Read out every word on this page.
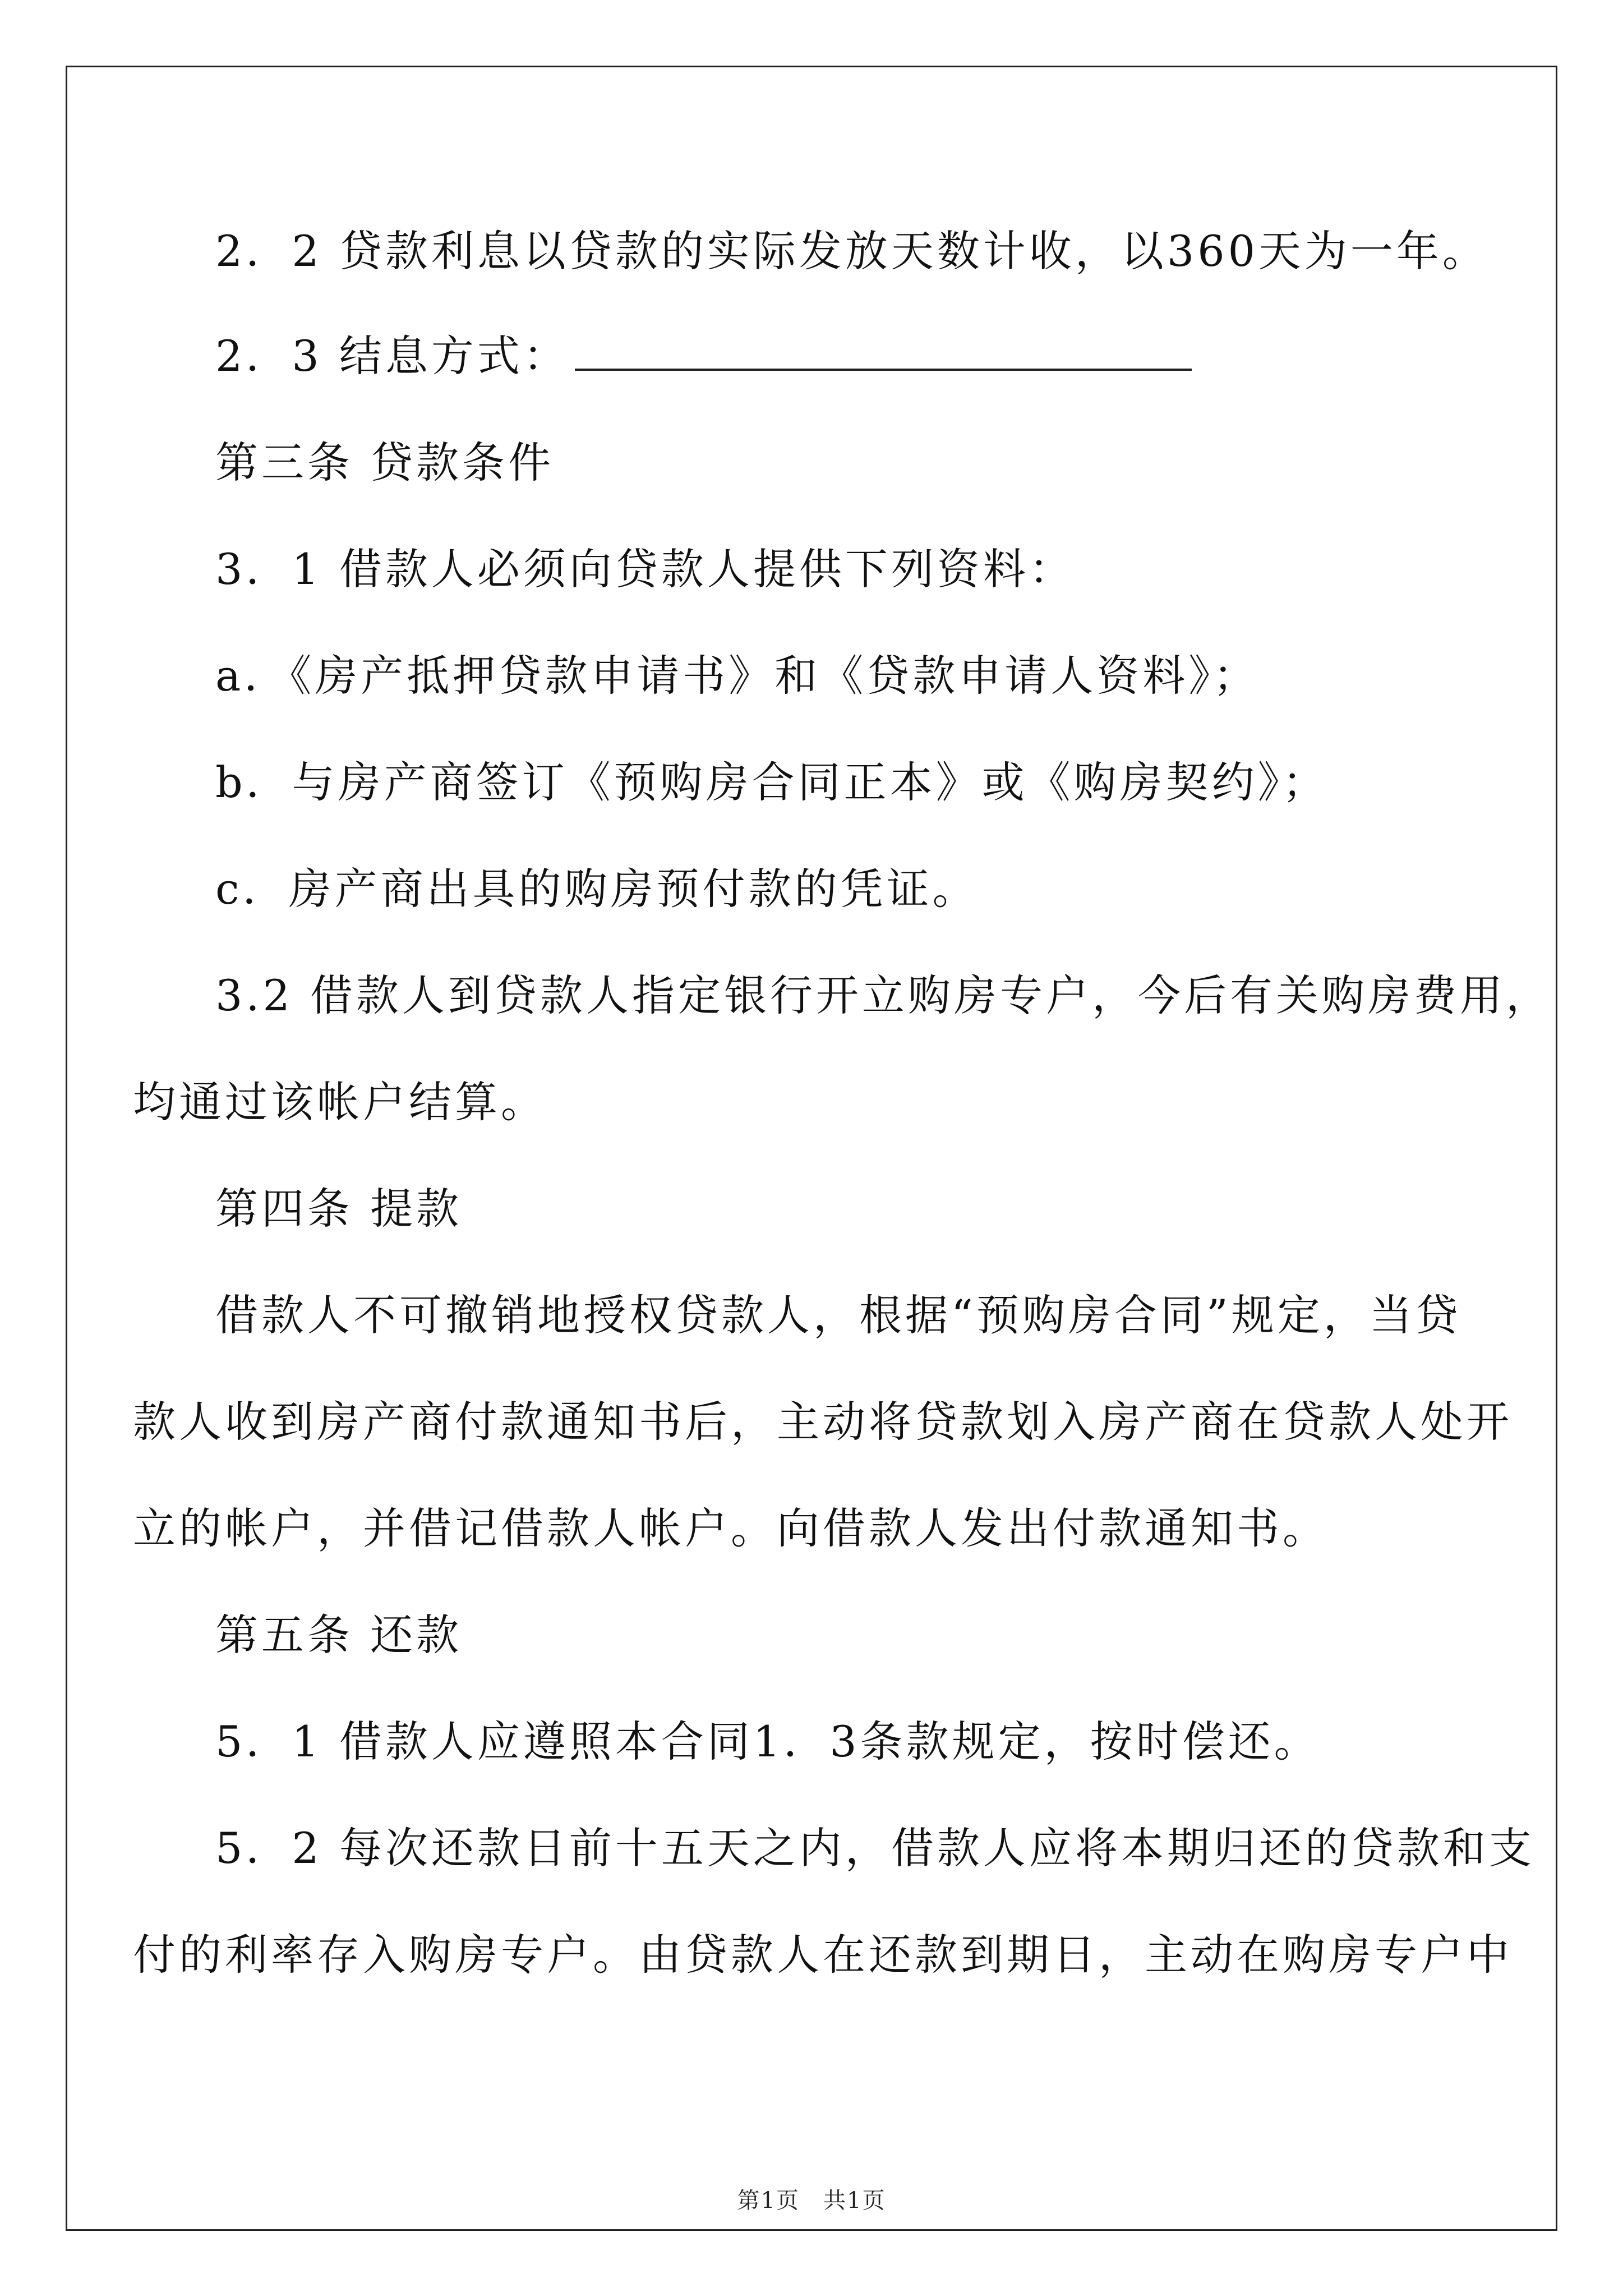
2．2 贷款利息以贷款的实际发放天数计收，以360天为一年。
2．3 结息方式：
第三条 贷款条件
3．1 借款人必须向贷款人提供下列资料：
a．《房产抵押贷款申请书》和《贷款申请人资料》；
b．与房产商签订《预购房合同正本》或《购房契约》；
c．房产商出具的购房预付款的凭证。
3.2 借款人到贷款人指定银行开立购房专户，今后有关购房费用，
均通过该帐户结算。
第四条 提款
借款人不可撤销地授权贷款人，根据“预购房合同”规定，当贷
款人收到房产商付款通知书后，主动将贷款划入房产商在贷款人处开
立的帐户，并借记借款人帐户。向借款人发出付款通知书。
第五条 还款
5．1 借款人应遵照本合同1．3条款规定，按时偿还。
5．2 每次还款日前十五天之内，借款人应将本期归还的贷款和支
付的利率存入购房专户。由贷款人在还款到期日，主动在购房专户中
第1页　共1页
